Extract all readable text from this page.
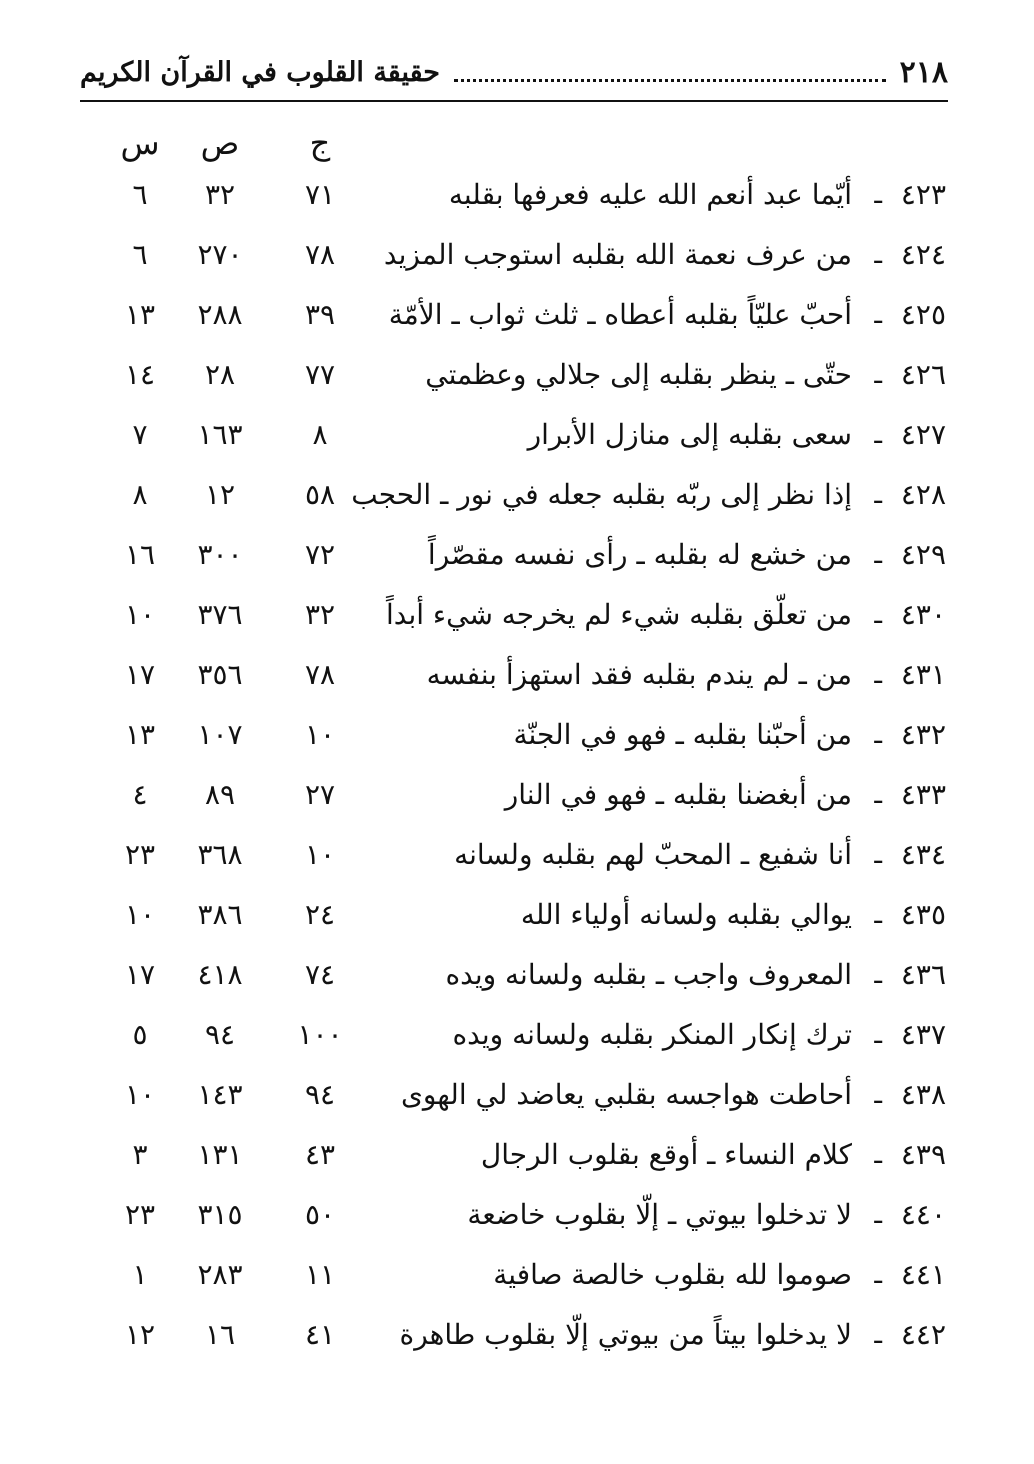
٢١٨
حقيقة القلوب في القرآن الكريم
ج
ص
س
٤٢٣
ـ
أيّما عبد أنعم الله عليه فعرفها بقلبه
٧١
٣٢
٦
٤٢٤
ـ
من عرف نعمة الله بقلبه استوجب المزيد
٧٨
٢٧٠
٦
٤٢٥
ـ
أحبّ عليّاً بقلبه أعطاه ـ ثلث ثواب ـ الأمّة
٣٩
٢٨٨
١٣
٤٢٦
ـ
حتّى ـ ينظر بقلبه إلى جلالي وعظمتي
٧٧
٢٨
١٤
٤٢٧
ـ
سعى بقلبه إلى منازل الأبرار
٨
١٦٣
٧
٤٢٨
ـ
إذا نظر إلى ربّه بقلبه جعله في نور ـ الحجب
٥٨
١٢
٨
٤٢٩
ـ
من خشع له بقلبه ـ رأى نفسه مقصّراً
٧٢
٣٠٠
١٦
٤٣٠
ـ
من تعلّق بقلبه شيء لم يخرجه شيء أبداً
٣٢
٣٧٦
١٠
٤٣١
ـ
من ـ لم يندم بقلبه فقد استهزأ بنفسه
٧٨
٣٥٦
١٧
٤٣٢
ـ
من أحبّنا بقلبه ـ فهو في الجنّة
١٠
١٠٧
١٣
٤٣٣
ـ
من أبغضنا بقلبه ـ فهو في النار
٢٧
٨٩
٤
٤٣٤
ـ
أنا شفيع ـ المحبّ لهم بقلبه ولسانه
١٠
٣٦٨
٢٣
٤٣٥
ـ
يوالي بقلبه ولسانه أولياء الله
٢٤
٣٨٦
١٠
٤٣٦
ـ
المعروف واجب ـ بقلبه ولسانه ويده
٧٤
٤١٨
١٧
٤٣٧
ـ
ترك إنكار المنكر بقلبه ولسانه ويده
١٠٠
٩٤
٥
٤٣٨
ـ
أحاطت هواجسه بقلبي يعاضد لي الهوى
٩٤
١٤٣
١٠
٤٣٩
ـ
كلام النساء ـ أوقع بقلوب الرجال
٤٣
١٣١
٣
٤٤٠
ـ
لا تدخلوا بيوتي ـ إلّا بقلوب خاضعة
٥٠
٣١٥
٢٣
٤٤١
ـ
صوموا لله بقلوب خالصة صافية
١١
٢٨٣
١
٤٤٢
ـ
لا يدخلوا بيتاً من بيوتي إلّا بقلوب طاهرة
٤١
١٦
١٢
